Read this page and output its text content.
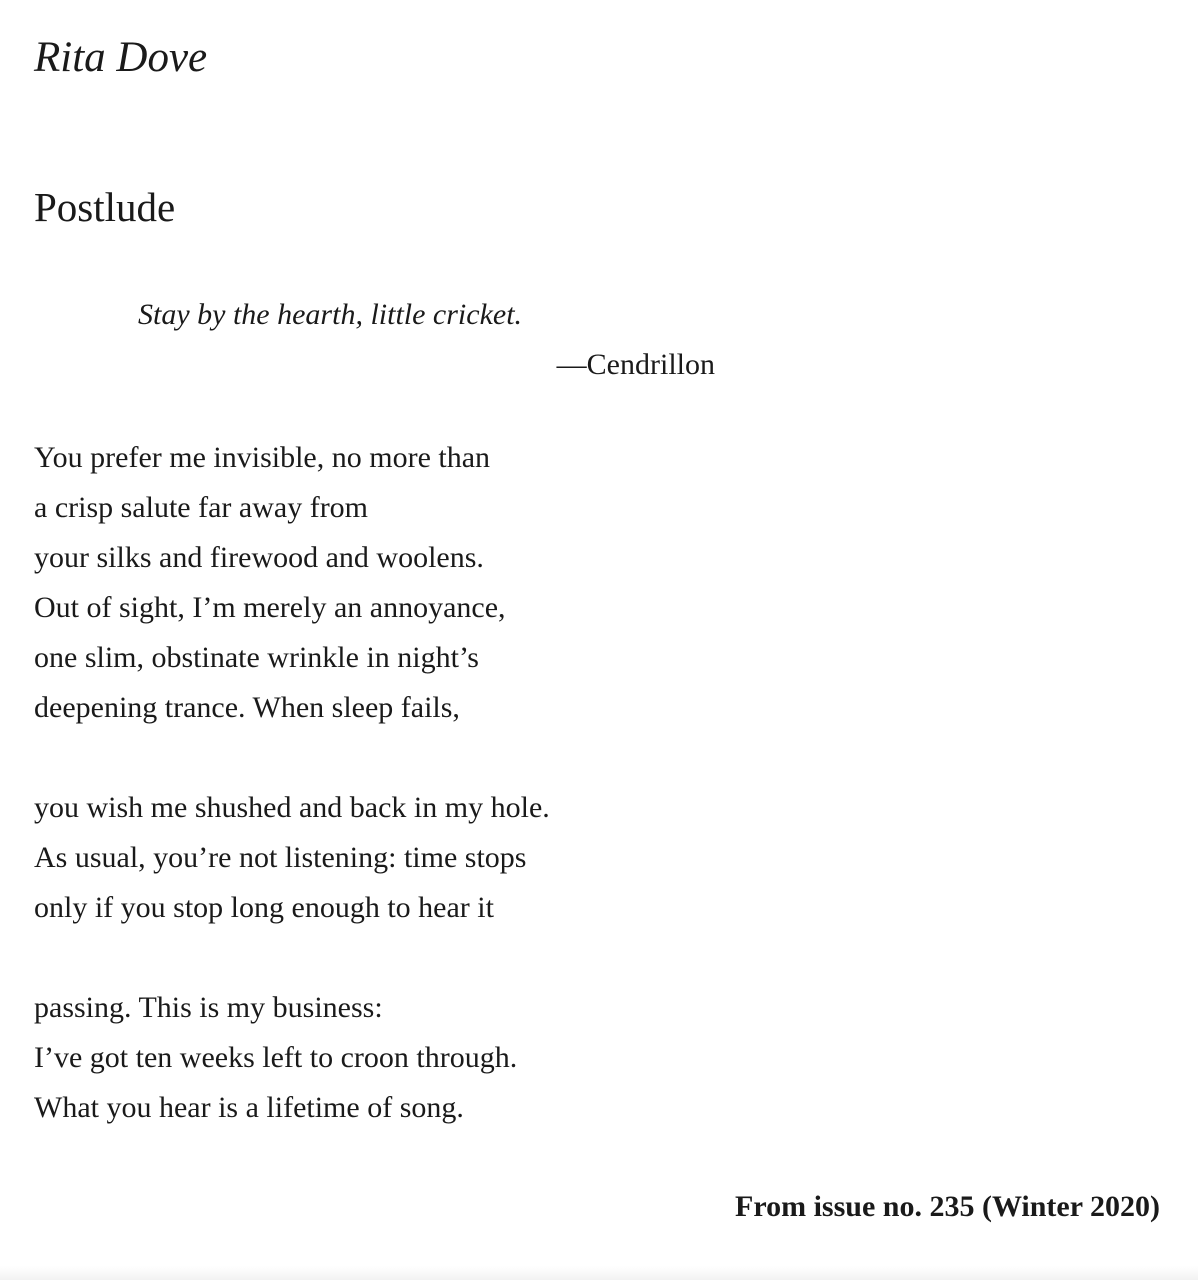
Rita Dove
Postlude
Stay by the hearth, little cricket.
—Cendrillon
You prefer me invisible, no more than
a crisp salute far away from
your silks and firewood and woolens.
Out of sight, I’m merely an annoyance,
one slim, obstinate wrinkle in night’s
deepening trance. When sleep fails,
you wish me shushed and back in my hole.
As usual, you’re not listening: time stops
only if you stop long enough to hear it
passing. This is my business:
I’ve got ten weeks left to croon through.
What you hear is a lifetime of song.

From issue no. 235 (Winter 2020)
